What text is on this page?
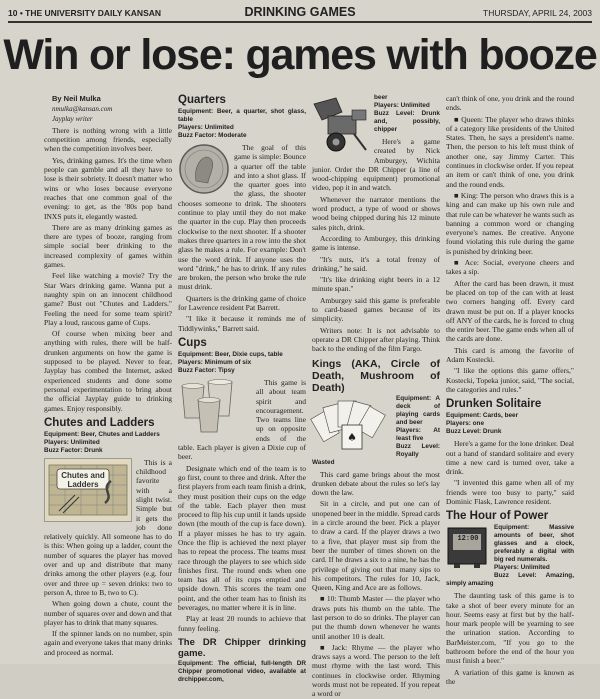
10 • THE UNIVERSITY DAILY KANSAN	DRINKING GAMES	THURSDAY, APRIL 24, 2003
Win or lose: games with booze

By Neil Mulka

nmulka@kansan.com

Jayplay writer

There is nothing wrong with a little competition among friends, especially when the competition involves beer.

Yes, drinking games. It's the time when people can gamble and all they have to lose is their sobriety. It doesn't matter who wins or who loses because everyone reaches that one common goal of the evening: to get, as the '80s pop band INXS puts it, elegantly wasted.

There are as many drinking games as there are types of booze, ranging from simple social beer drinking to the increased complexity of games within games.

Feel like watching a movie? Try the Star Wars drinking game. Wanna put a naughty spin on an innocent childhood game? Bust out "Chutes and Ladders." Feeling the need for some team spirit? Play a loud, raucous game of Cups.

Of course when mixing beer and anything with rules, there will be half-drunken arguments on how the game is supposed to be played. Never to fear, Jayplay has combed the Internet, asked experienced students and done some personal experimentation to bring about the official Jayplay guide to drinking games. Enjoy responsibly.

Chutes and Ladders
Equipment: Beer, Chutes and Ladders
Players: Unlimited
Buzz Factor: Drunk
Chutes and Ladders

This is a childhood favorite with a slight twist. Simple but it gets the job done relatively quickly. All someone has to do is this: When going up a ladder, count the number of squares the player has moved over and up and distribute that many drinks among the other players (e.g. four over and three up = seven drinks: two to person A, three to B, two to C).

When going down a chute, count the number of squares over and down and that player has to drink that many squares.

If the spinner lands on no number, spin again and everyone takes that many drinks and proceed as normal.

Quarters
Equipment: Beer, a quarter, shot glass, table
Players: Unlimited
Buzz Factor: Moderate

The goal of this game is simple: Bounce a quarter off the table and into a shot glass. If the quarter goes into the glass, the shooter chooses someone to drink. The shooters continue to play until they do not make the quarter in the cup. Play then proceeds clockwise to the next shooter. If a shooter makes three quarters in a row into the shot glass he makes a rule. For example: Don't use the word drink. If anyone uses the word "drink," he has to drink. If any rules are broken, the person who broke the rule must drink.

Quarters is the drinking game of choice for Lawrence resident Pat Barrett.

"I like it because it reminds me of Tiddlywinks," Barrett said.

Cups
Equipment: Beer, Dixie cups, table
Players: Minimum of six
Buzz Factor: Tipsy

This game is all about team spirit and encouragement. Two teams line up on opposite ends of the table. Each player is given a Dixie cup of beer.

Designate which end of the team is to go first, count to three and drink. After the first players from each team finish a drink, they must position their cups on the edge of the table. Each player then must proceed to flip his cup until it lands upside down (the mouth of the cup is face down). If a player misses he has to try again. Once the flip is achieved the next player has to repeat the process. The teams must race through the players to see which side finishes first. The round ends when one team has all of its cups emptied and upside down. This scores the team one point, and the other team has to finish its beverages, no matter where it is in line.

Play at least 20 rounds to achieve that funny feeling.

The DR Chipper drinking game.
Equipment: The official, full-length DR Chipper promotional video, available at drchipper.com,
beer
Players: Unlimited
Buzz Level: Drunk and, possibly, chipper

Here's a game created by Nick Amburgey, Wichita junior. Order the DR Chipper (a line of wood-chipping equipment) promotional video, pop it in and watch.

Whenever the narrator mentions the word product, a type of wood or shows wood being chipped during his 12 minute sales pitch, drink.

According to Amburgey, this drinking game is intense.

"It's nuts, it's a total frenzy of drinking," he said.

"It's like drinking eight beers in a 12 minute span."

Amburgey said this game is preferable to card-based games because of its simplicity.

Writers note: It is not advisable to operate a DR Chipper after playing. Think back to the ending of the film Fargo.

Kings (AKA, Circle of Death, Mushroom of Death)
♠
Equipment: A deck of playing cards and beer
Players: At least five
Buzz Level: Royally Wasted

This card game brings about the most drunken debate about the rules so let's lay down the law.

Sit in a circle, and put one can of unopened beer in the middle. Spread cards in a circle around the beer. Pick a player to draw a card. If the player draws a two to a five, that player must sip from the beer the number of times shown on the card. If he draws a six to a nine, he has the privilege of giving out that many sips to his competitors. The rules for 10, Jack, Queen, King and Ace are as follows.

■ 10: Thumb Master — the player who draws puts his thumb on the table. The last person to do so drinks. The player can put the thumb down whenever he wants until another 10 is dealt.

■ Jack: Rhyme — the player who draws says a word. The person to the left must rhyme with the last word. This continues in clockwise order. Rhyming words must not be repeated. If you repeat a word or

can't think of one, you drink and the round ends.

■ Queen: The player who draws thinks of a category like presidents of the United States. Then, he says a president's name. Then, the person to his left must think of another one, say Jimmy Carter. This continues in clockwise order. If you repeat an item or can't think of one, you drink and the round ends.

■ King: The person who draws this is a king and can make up his own rule and that rule can be whatever he wants such as banning a common word or changing everyone's names. Be creative. Anyone found violating this rule during the game is punished by drinking beer.

■ Ace: Social, everyone cheers and takes a sip.

After the card has been drawn, it must be placed on top of the can with at least two corners hanging off. Every card drawn must be put on. If a player knocks off ANY of the cards, he is forced to chug the entire beer. The game ends when all of the cards are done.

This card is among the favorite of Adam Kostecki.

"I like the options this game offers," Kostecki, Topeka junior, said, "The social, the categories and rules."

Drunken Solitaire
Equipment: Cards, beer
Players: one
Buzz Level: Drunk

Here's a game for the lone drinker. Deal out a hand of standard solitaire and every time a new card is turned over, take a drink.

"I invented this game when all of my friends were too busy to party," said Dominic Flask, Lawrence resident.

The Hour of Power
12:00
Equipment: Massive amounts of beer, shot glasses and a clock, preferably a digital with big red numerals.
Players: Unlimited
Buzz Level: Amazing, simply amazing

The daunting task of this game is to take a shot of beer every minute for an hour. Seems easy at first but by the half-hour mark people will be yearning to see the urination station. According to BarMeister.com, "If you go to the bathroom before the end of the hour you must finish a beer."

A variation of this game is known as the
